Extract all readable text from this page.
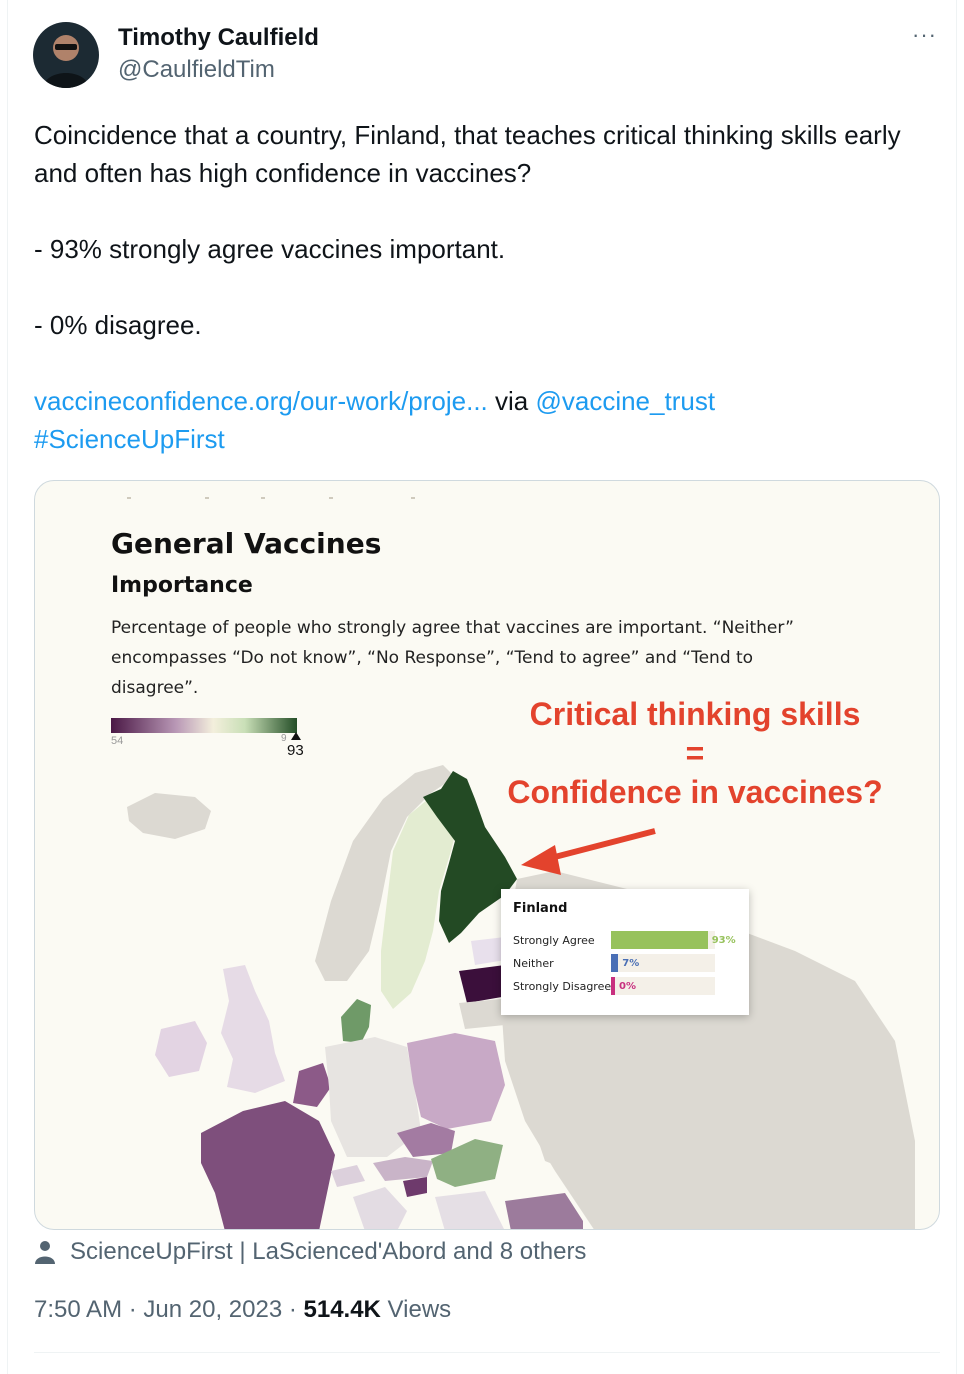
Timothy Caulfield
@CaulfieldTim
···

Coincidence that a country, Finland, that teaches critical thinking skills early and often has high confidence in vaccines?

- 93% strongly agree vaccines important.

- 0% disagree.

vaccineconfidence.org/our-work/proje... via @vaccine_trust

#ScienceUpFirst

General Vaccines
Importance
Percentage of people who strongly agree that vaccines are important. “Neither” encompasses “Do not know”, “No Response”, “Tend to agree” and “Tend to disagree”.
54	9
93
Critical thinking skills
=
Confidence in vaccines?
Finland
Strongly Agree	93%
Neither	7%
Strongly Disagree 0%
ScienceUpFirst | LaScienced'Abord and 8 others
7:50 AM · Jun 20, 2023 · 514.4K Views
